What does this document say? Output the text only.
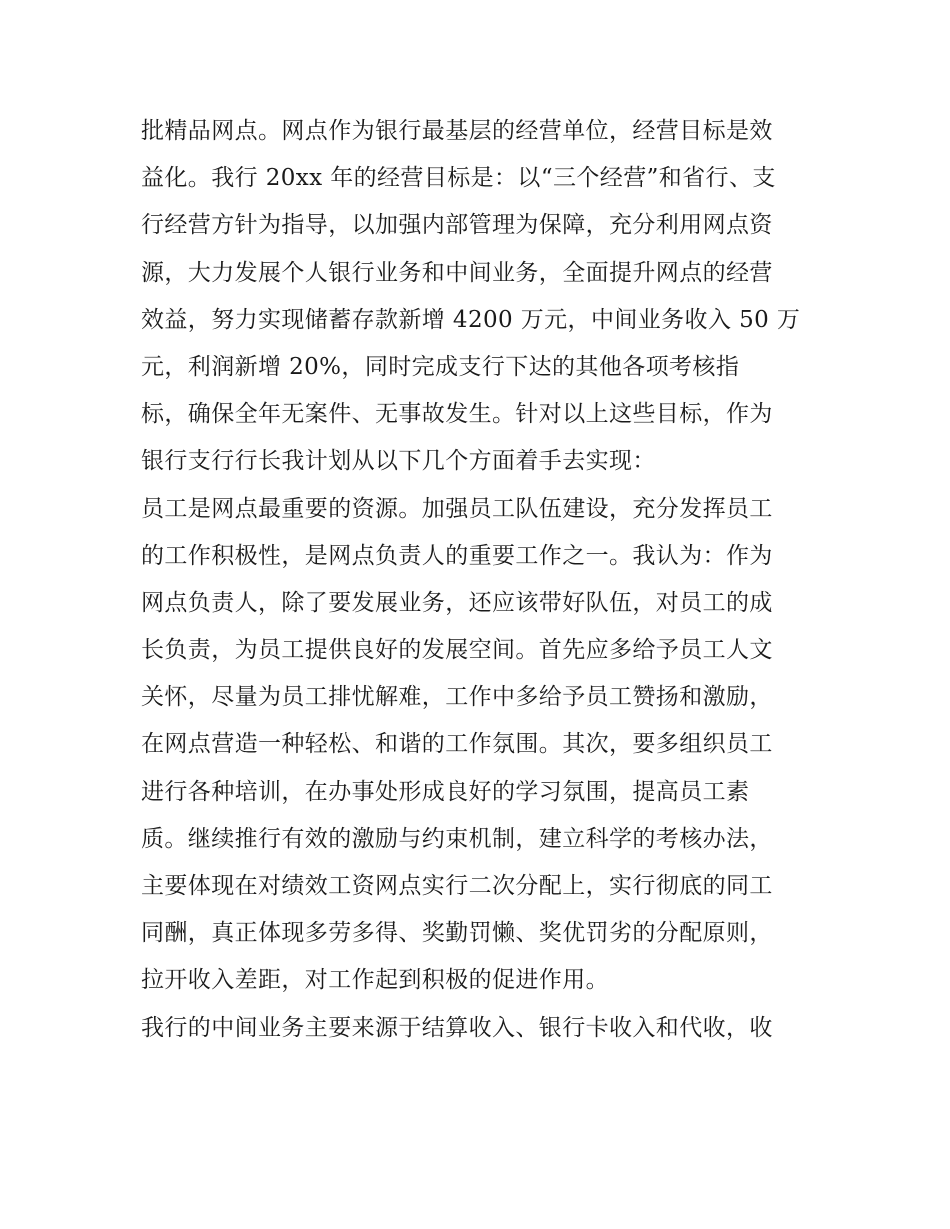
批精品网点。网点作为银行最基层的经营单位，经营目标是效
益化。我行 20xx 年的经营目标是：以“三个经营”和省行、支
行经营方针为指导，以加强内部管理为保障，充分利用网点资
源，大力发展个人银行业务和中间业务，全面提升网点的经营
效益，努力实现储蓄存款新增 4200 万元，中间业务收入 50 万
元，利润新增 20%，同时完成支行下达的其他各项考核指
标，确保全年无案件、无事故发生。针对以上这些目标，作为
银行支行行长我计划从以下几个方面着手去实现：
员工是网点最重要的资源。加强员工队伍建设，充分发挥员工
的工作积极性，是网点负责人的重要工作之一。我认为：作为
网点负责人，除了要发展业务，还应该带好队伍，对员工的成
长负责，为员工提供良好的发展空间。首先应多给予员工人文
关怀，尽量为员工排忧解难，工作中多给予员工赞扬和激励，
在网点营造一种轻松、和谐的工作氛围。其次，要多组织员工
进行各种培训，在办事处形成良好的学习氛围，提高员工素
质。继续推行有效的激励与约束机制，建立科学的考核办法，
主要体现在对绩效工资网点实行二次分配上，实行彻底的同工
同酬，真正体现多劳多得、奖勤罚懒、奖优罚劣的分配原则，
拉开收入差距，对工作起到积极的促进作用。
我行的中间业务主要来源于结算收入、银行卡收入和代收，收
